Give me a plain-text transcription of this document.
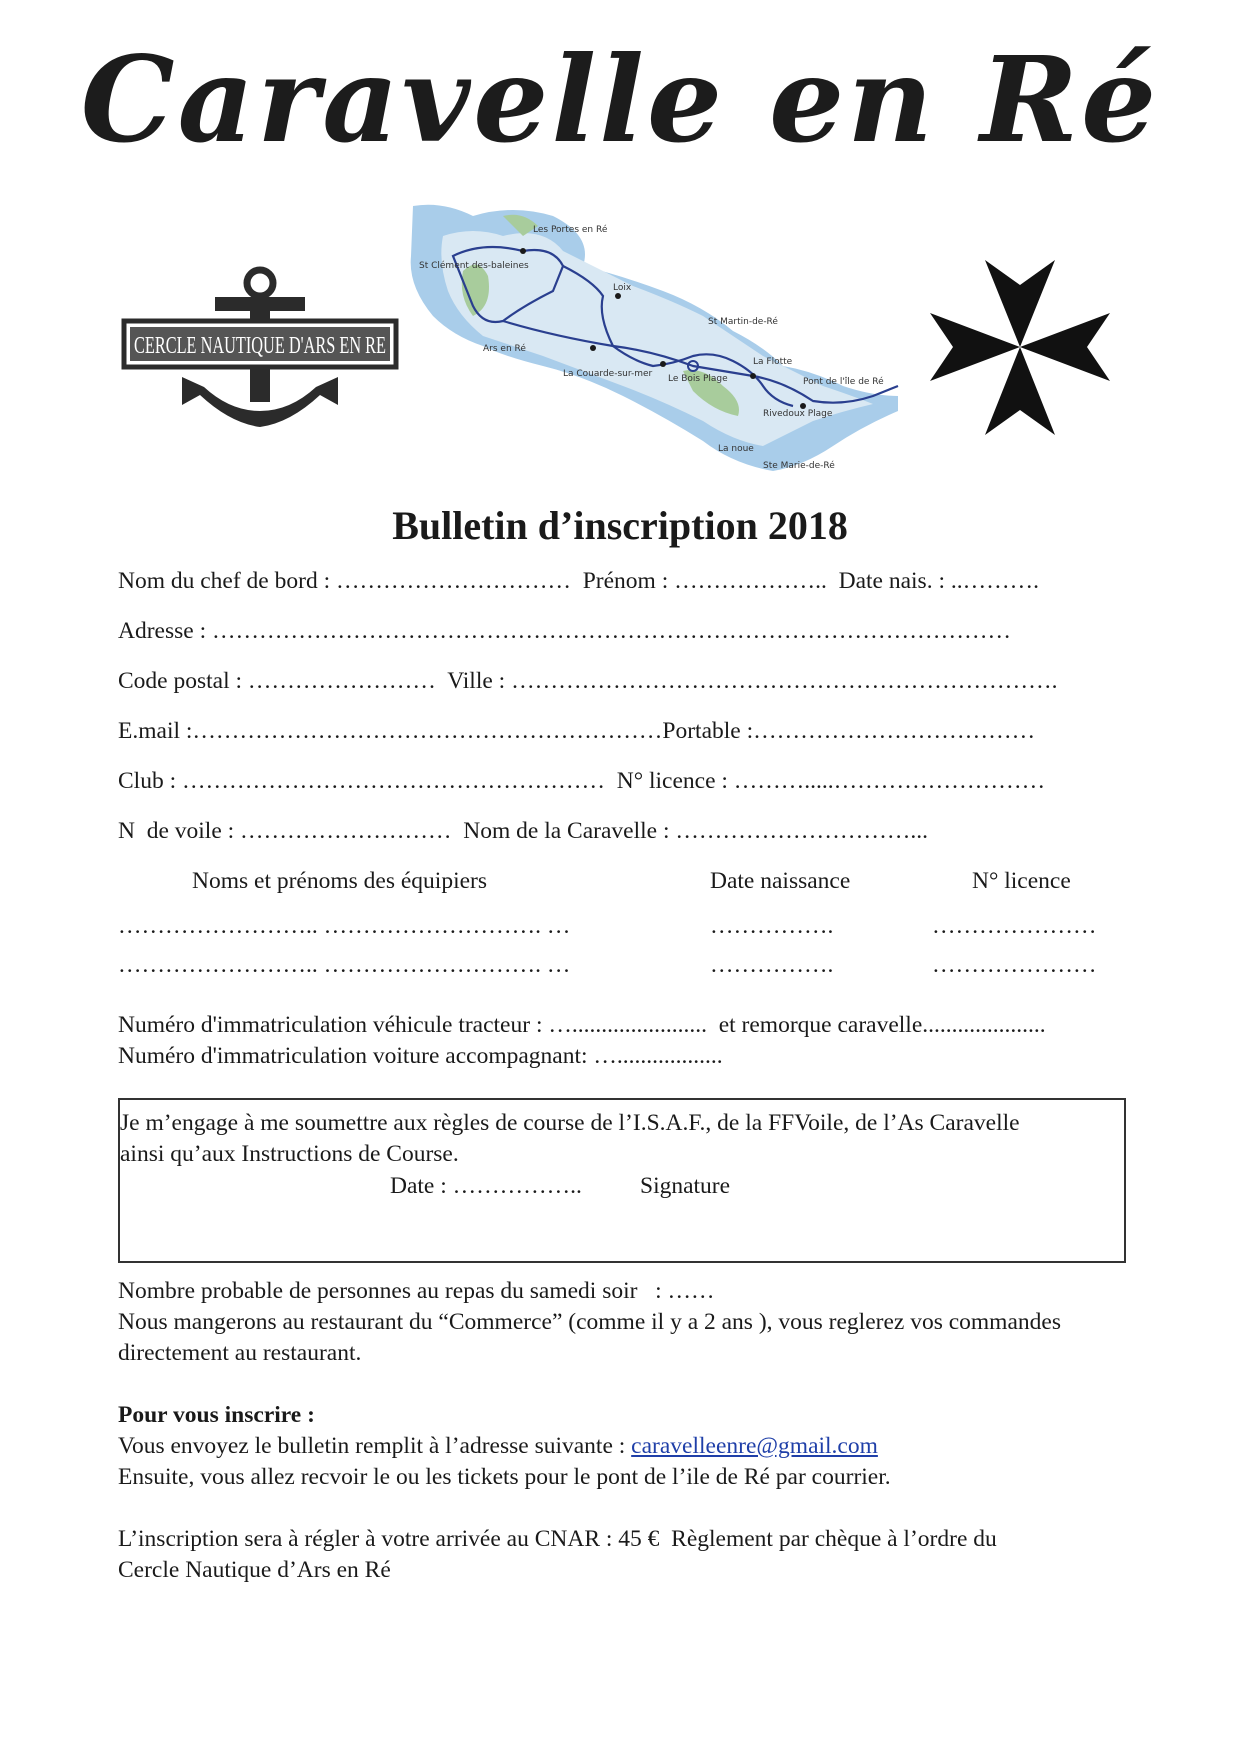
Caravelle en Ré
CERCLE NAUTIQUE D'ARS EN RE
Les Portes en Ré
St Clément des-baleines
Loix
St Martin-de-Ré
Ars en Ré
La Flotte
Pont de l'île de Ré
La Couarde-sur-mer Le Bois Plage
Rivedoux Plage
La noue
Ste Marie-de-Ré
Bulletin d’inscription 2018
Nom du chef de bord : …………………………  Prénom : ………………..  Date nais. : ..……….
Adresse : …………………………………………………………………………………………
Code postal : ……………………  Ville : …………………………………………………………….
E.mail :……………………………………………………Portable :………………………………
Club : ………………………………………………  N° licence : ……….....………………………
N  de voile : ………………………  Nom de la Caravelle : …………………………...
Noms et prénoms des équipiers	Date naissance	N° licence
…………………….. ………………………. …	…………….	…………………
…………………….. ………………………. …	…………….	…………………
Numéro d'immatriculation véhicule tracteur : ….......................  et remorque caravelle.....................
Numéro d'immatriculation voiture accompagnant: …..................
Je m’engage à me soumettre aux règles de course de l’I.S.A.F., de la FFVoile, de l’As Caravelle
ainsi qu’aux Instructions de Course.
Date : …………….. Signature
Nombre probable de personnes au repas du samedi soir   : ……
Nous mangerons au restaurant du “Commerce” (comme il y a 2 ans ), vous reglerez vos commandes
directement au restaurant.
Pour vous inscrire :
Vous envoyez le bulletin remplit à l’adresse suivante : caravelleenre@gmail.com
Ensuite, vous allez recvoir le ou les tickets pour le pont de l’ile de Ré par courrier.
L’inscription sera à régler à votre arrivée au CNAR : 45 €  Règlement par chèque à l’ordre du
Cercle Nautique d’Ars en Ré
